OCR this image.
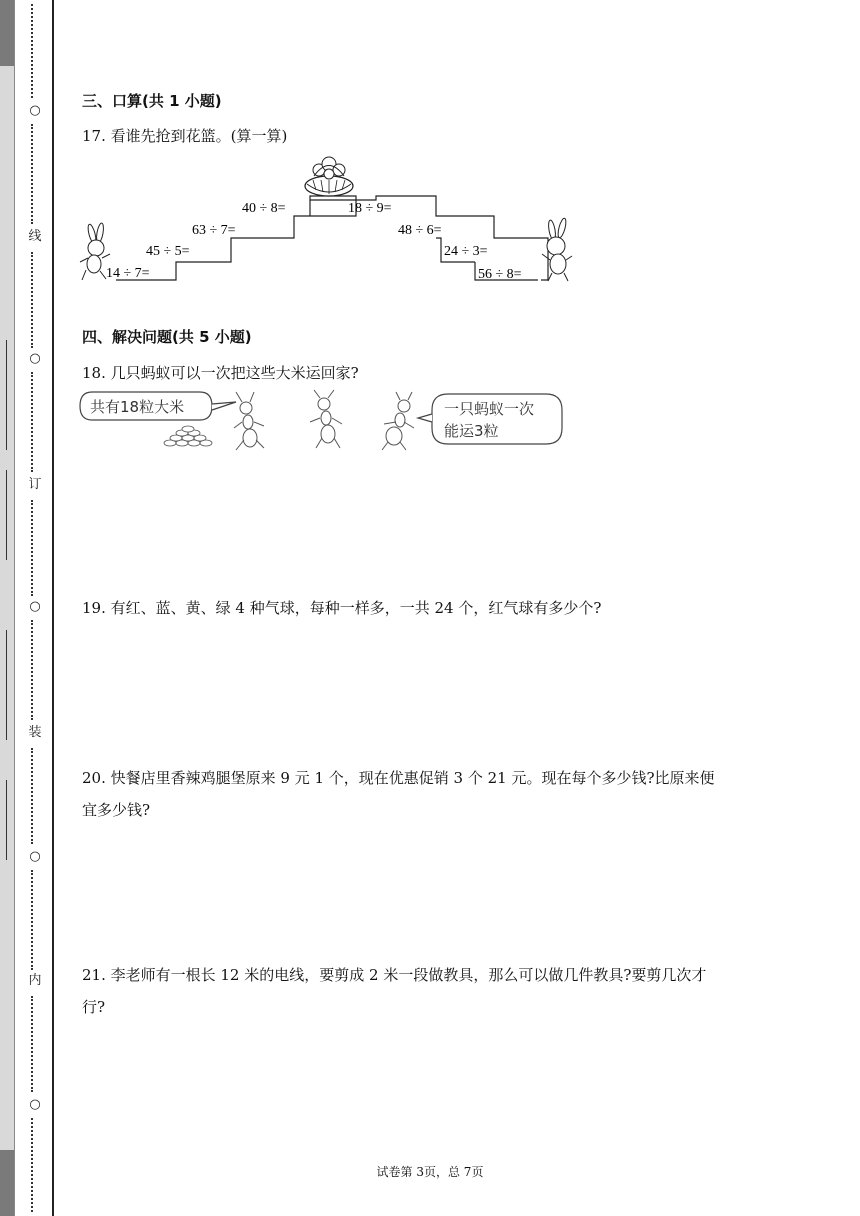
○
线
○
订
○
装
○
内
○
三、口算(共 1 小题)
17. 看谁先抢到花篮。(算一算)
14 ÷ 7=
45 ÷ 5=
63 ÷ 7=
40 ÷ 8=	18 ÷ 9=
48 ÷ 6=
24 ÷ 3=
56 ÷ 8=
四、解决问题(共 5 小题)
18. 几只蚂蚁可以一次把这些大米运回家?
共有18粒大米	一只蚂蚁一次
能运3粒
19. 有红、蓝、黄、绿 4 种气球，每种一样多，一共 24 个，红气球有多少个?
20. 快餐店里香辣鸡腿堡原来 9 元 1 个，现在优惠促销 3 个 21 元。现在每个多少钱?比原来便
宜多少钱?
21. 李老师有一根长 12 米的电线，要剪成 2 米一段做教具，那么可以做几件教具?要剪几次才
行?
试卷第 3页，总 7页
